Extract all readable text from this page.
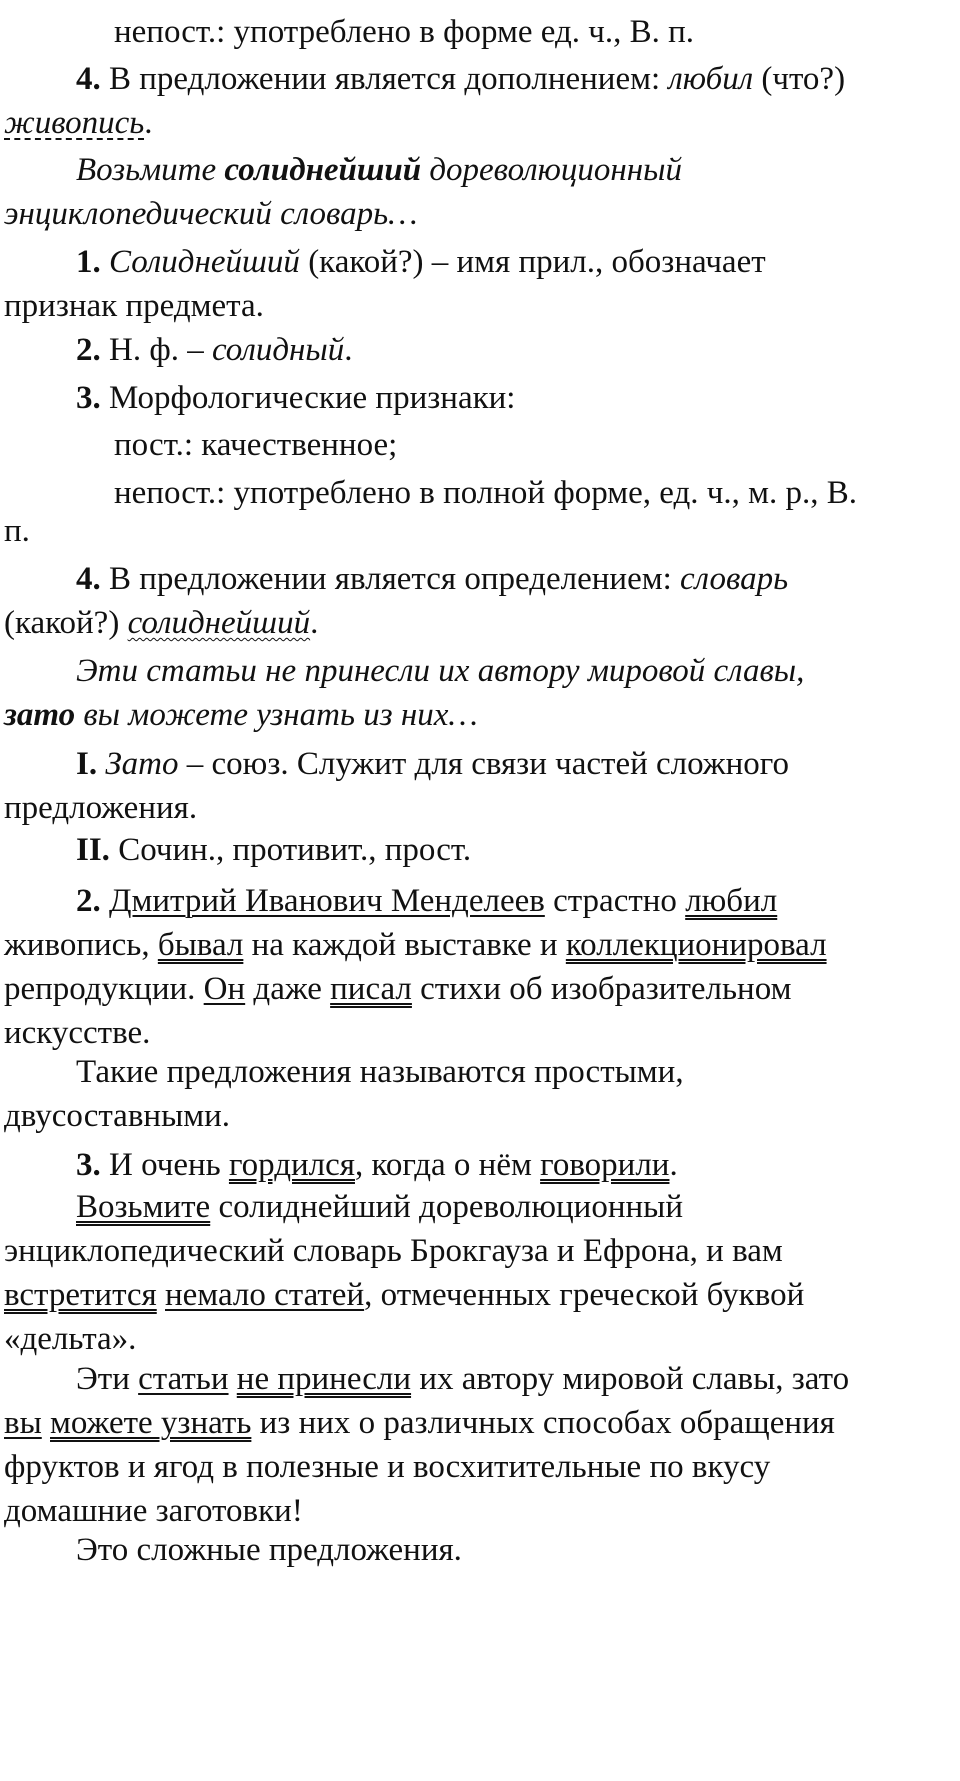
непост.: употреблено в форме ед. ч., В. п.

4. В предложении является дополнением: любил (что?)
живопись.

Возьмите солиднейший дореволюционный
энциклопедический словарь…

1. Солиднейший (какой?) – имя прил., обозначает
признак предмета.

2. Н. ф. – солидный.

3. Морфологические признаки:

пост.: качественное;

непост.: употреблено в полной форме, ед. ч., м. р., В.

п.

4. В предложении является определением: словарь
(какой?) солиднейший.

Эти статьи не принесли их автору мировой славы,
зато вы можете узнать из них…

I. Зато – союз. Служит для связи частей сложного
предложения.

II. Сочин., противит., прост.

2. Дмитрий Иванович Менделеев страстно любил
живопись, бывал на каждой выставке и коллекционировал
репродукции. Он даже писал стихи об изобразительном
искусстве.

Такие предложения называются простыми,
двусоставными.

3. И очень гордился, когда о нём говорили.

Возьмите солиднейший дореволюционный
энциклопедический словарь Брокгауза и Ефрона, и вам
встретится немало статей, отмеченных греческой буквой
«дельта».

Эти статьи не принесли их автору мировой славы, зато
вы можете узнать из них о различных способах обращения
фруктов и ягод в полезные и восхитительные по вкусу
домашние заготовки!

Это сложные предложения.
